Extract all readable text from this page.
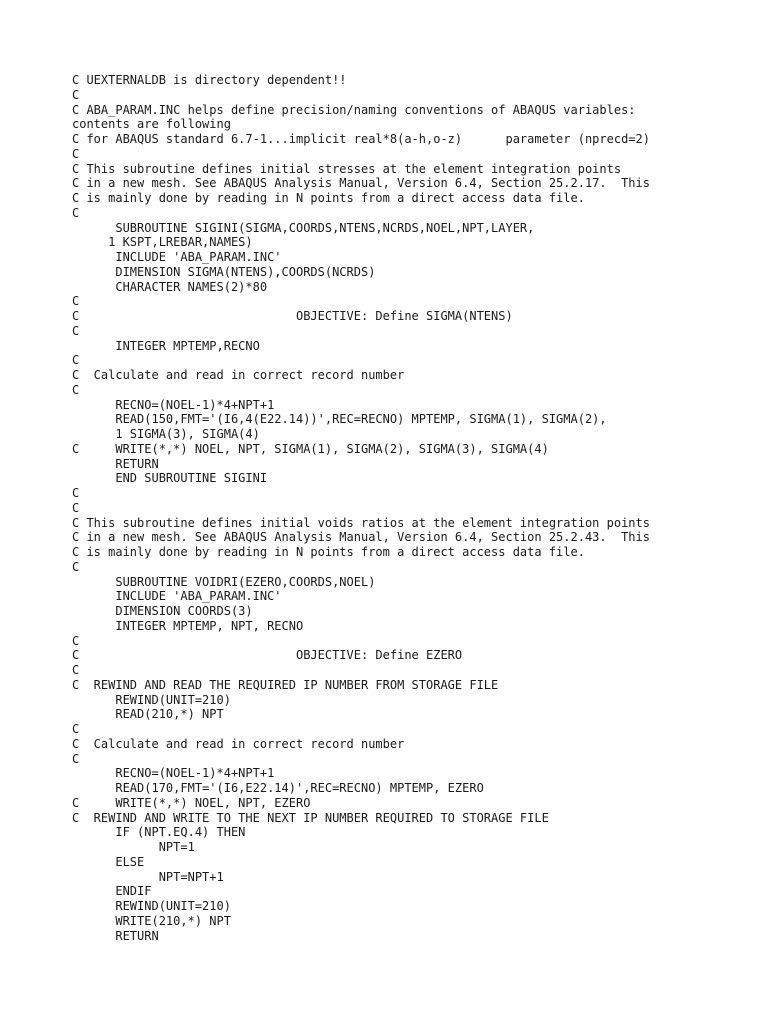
C UEXTERNALDB is directory dependent!!
C
C ABA_PARAM.INC helps define precision/naming conventions of ABAQUS variables:
contents are following
C for ABAQUS standard 6.7-1...implicit real*8(a-h,o-z)      parameter (nprecd=2)
C
C This subroutine defines initial stresses at the element integration points
C in a new mesh. See ABAQUS Analysis Manual, Version 6.4, Section 25.2.17.  This
C is mainly done by reading in N points from a direct access data file.
C
SUBROUTINE SIGINI(SIGMA,COORDS,NTENS,NCRDS,NOEL,NPT,LAYER,
1 KSPT,LREBAR,NAMES)
INCLUDE 'ABA_PARAM.INC'
DIMENSION SIGMA(NTENS),COORDS(NCRDS)
CHARACTER NAMES(2)*80
C
C                              OBJECTIVE: Define SIGMA(NTENS)
C
INTEGER MPTEMP,RECNO
C
C  Calculate and read in correct record number
C
RECNO=(NOEL-1)*4+NPT+1
READ(150,FMT='(I6,4(E22.14))',REC=RECNO) MPTEMP, SIGMA(1), SIGMA(2),
1 SIGMA(3), SIGMA(4)
C     WRITE(*,*) NOEL, NPT, SIGMA(1), SIGMA(2), SIGMA(3), SIGMA(4)
RETURN
END SUBROUTINE SIGINI
C
C
C This subroutine defines initial voids ratios at the element integration points
C in a new mesh. See ABAQUS Analysis Manual, Version 6.4, Section 25.2.43.  This
C is mainly done by reading in N points from a direct access data file.
C
SUBROUTINE VOIDRI(EZERO,COORDS,NOEL)
INCLUDE 'ABA_PARAM.INC'
DIMENSION COORDS(3)
INTEGER MPTEMP, NPT, RECNO
C
C                              OBJECTIVE: Define EZERO
C
C  REWIND AND READ THE REQUIRED IP NUMBER FROM STORAGE FILE
REWIND(UNIT=210)
READ(210,*) NPT
C
C  Calculate and read in correct record number
C
RECNO=(NOEL-1)*4+NPT+1
READ(170,FMT='(I6,E22.14)',REC=RECNO) MPTEMP, EZERO
C     WRITE(*,*) NOEL, NPT, EZERO
C  REWIND AND WRITE TO THE NEXT IP NUMBER REQUIRED TO STORAGE FILE
IF (NPT.EQ.4) THEN
NPT=1
ELSE
NPT=NPT+1
ENDIF
REWIND(UNIT=210)
WRITE(210,*) NPT
RETURN
